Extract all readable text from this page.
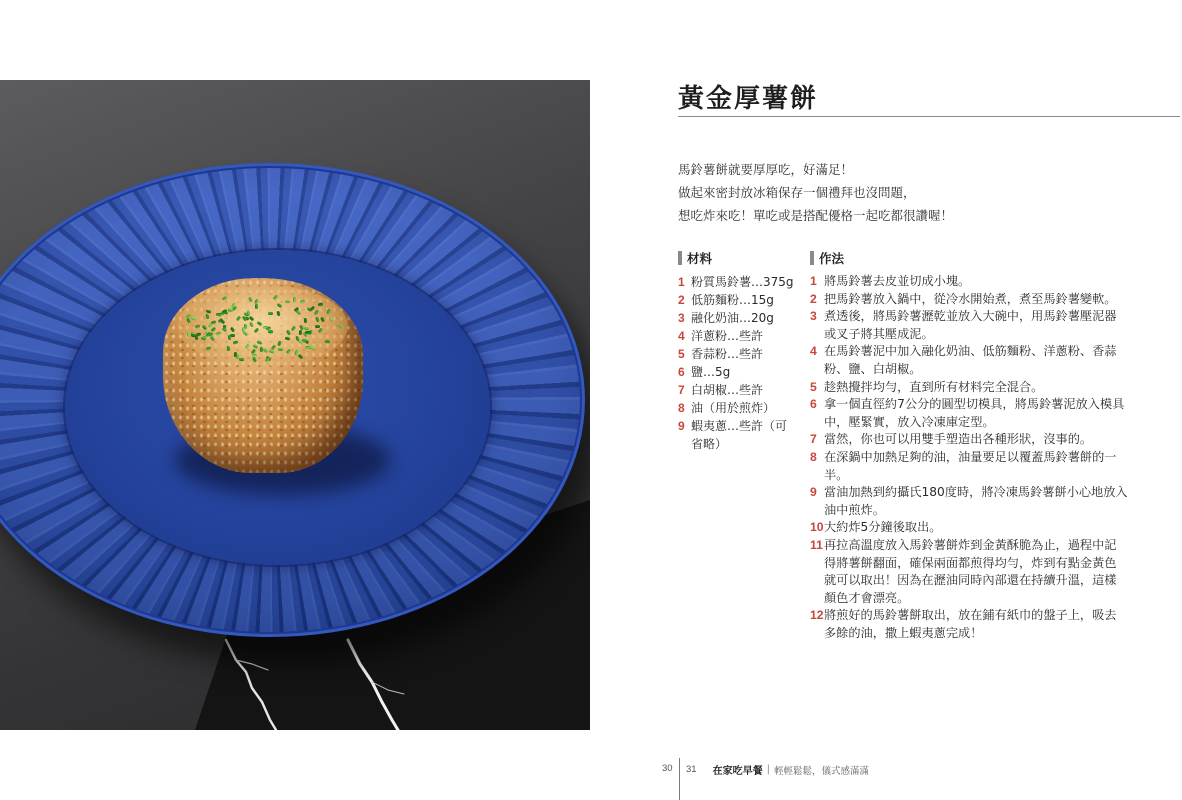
黃金厚薯餅
馬鈴薯餅就要厚厚吃，好滿足！
做起來密封放冰箱保存一個禮拜也沒問題，
想吃炸來吃！單吃或是搭配優格一起吃都很讚喔！
材料	作法
1 粉質馬鈴薯…375g
2 低筋麵粉…15g
3 融化奶油…20g
4 洋蔥粉…些許
5 香蒜粉…些許
6 鹽…5g
7 白胡椒…些許
8 油（用於煎炸）
9 蝦夷蔥…些許（可
省略）
1 將馬鈴薯去皮並切成小塊。
2 把馬鈴薯放入鍋中，從冷水開始煮，煮至馬鈴薯變軟。
3 煮透後，將馬鈴薯瀝乾並放入大碗中，用馬鈴薯壓泥器
或叉子將其壓成泥。
4 在馬鈴薯泥中加入融化奶油、低筋麵粉、洋蔥粉、香蒜
粉、鹽、白胡椒。
5 趁熱攪拌均勻，直到所有材料完全混合。
6 拿一個直徑約7公分的圓型切模具，將馬鈴薯泥放入模具
中，壓緊實，放入冷凍庫定型。
7 當然，你也可以用雙手塑造出各種形狀，沒事的。
8 在深鍋中加熱足夠的油，油量要足以覆蓋馬鈴薯餅的一
半。
9 當油加熱到約攝氏180度時，將冷凍馬鈴薯餅小心地放入
油中煎炸。
10 大約炸5分鐘後取出。
11 再拉高溫度放入馬鈴薯餅炸到金黃酥脆為止，過程中記
得將薯餅翻面，確保兩面都煎得均勻，炸到有點金黃色
就可以取出！因為在瀝油同時內部還在持續升溫，這樣
顏色才會漂亮。
12 將煎好的馬鈴薯餅取出，放在鋪有紙巾的盤子上，吸去
多餘的油，撒上蝦夷蔥完成！
30 31 在家吃早餐 | 輕輕鬆鬆，儀式感滿滿
